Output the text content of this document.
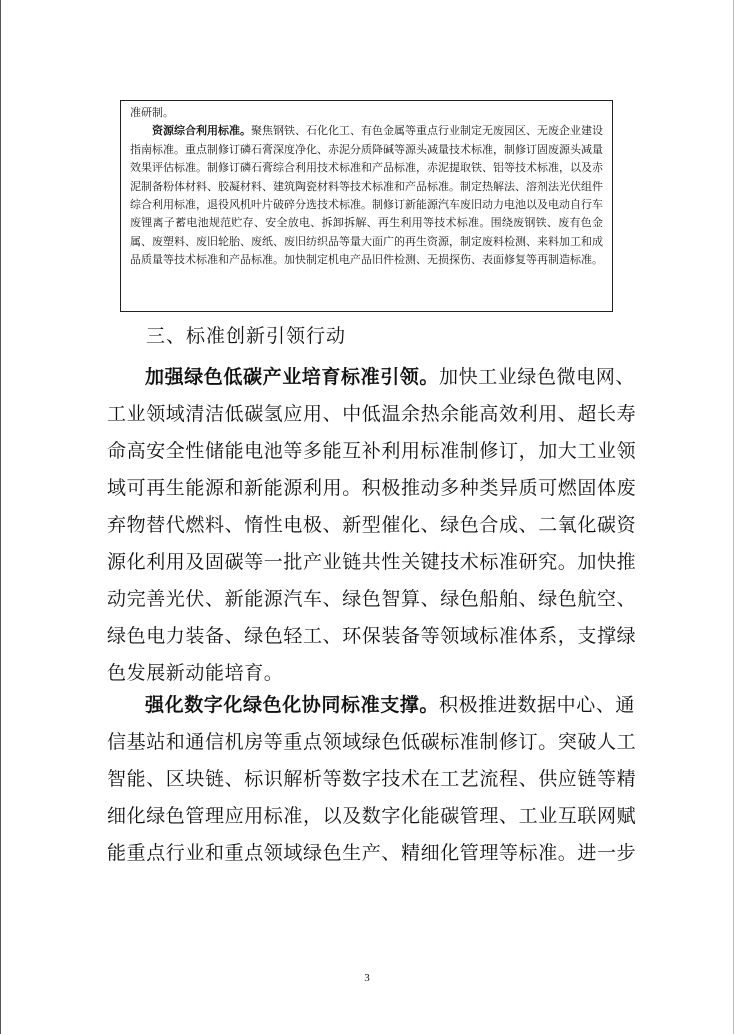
准研制。

资源综合利用标准。聚焦钢铁、石化化工、有色金属等重点行业制定无废园区、无废企业建设指南标准。重点制修订磷石膏深度净化、赤泥分质降碱等源头减量技术标准，制修订固废源头减量效果评估标准。制修订磷石膏综合利用技术标准和产品标准，赤泥提取铁、铝等技术标准，以及赤泥制备粉体材料、胶凝材料、建筑陶瓷材料等技术标准和产品标准。制定热解法、溶剂法光伏组件综合利用标准，退役风机叶片破碎分选技术标准。制修订新能源汽车废旧动力电池以及电动自行车废锂离子蓄电池规范贮存、安全放电、拆卸拆解、再生利用等技术标准。围绕废钢铁、废有色金属、废塑料、废旧轮胎、废纸、废旧纺织品等量大面广的再生资源，制定废料检测、来料加工和成品质量等技术标准和产品标准。加快制定机电产品旧件检测、无损探伤、表面修复等再制造标准。

三、标准创新引领行动
加强绿色低碳产业培育标准引领。加快工业绿色微电网、
工业领域清洁低碳氢应用、中低温余热余能高效利用、超长寿
命高安全性储能电池等多能互补利用标准制修订，加大工业领
域可再生能源和新能源利用。积极推动多种类异质可燃固体废
弃物替代燃料、惰性电极、新型催化、绿色合成、二氧化碳资
源化利用及固碳等一批产业链共性关键技术标准研究。加快推
动完善光伏、新能源汽车、绿色智算、绿色船舶、绿色航空、
绿色电力装备、绿色轻工、环保装备等领域标准体系，支撑绿
色发展新动能培育。
强化数字化绿色化协同标准支撑。积极推进数据中心、通
信基站和通信机房等重点领域绿色低碳标准制修订。突破人工
智能、区块链、标识解析等数字技术在工艺流程、供应链等精
细化绿色管理应用标准，以及数字化能碳管理、工业互联网赋
能重点行业和重点领域绿色生产、精细化管理等标准。进一步
3
